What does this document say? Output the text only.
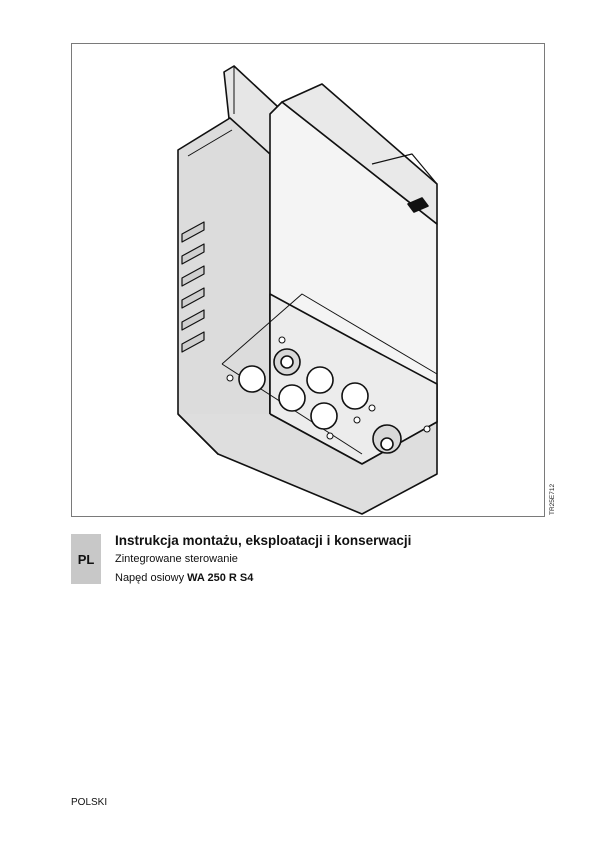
TR25E712
PL
Instrukcja montażu, eksploatacji i konserwacji
Zintegrowane sterowanie
Napęd osiowy WA 250 R S4
POLSKI
